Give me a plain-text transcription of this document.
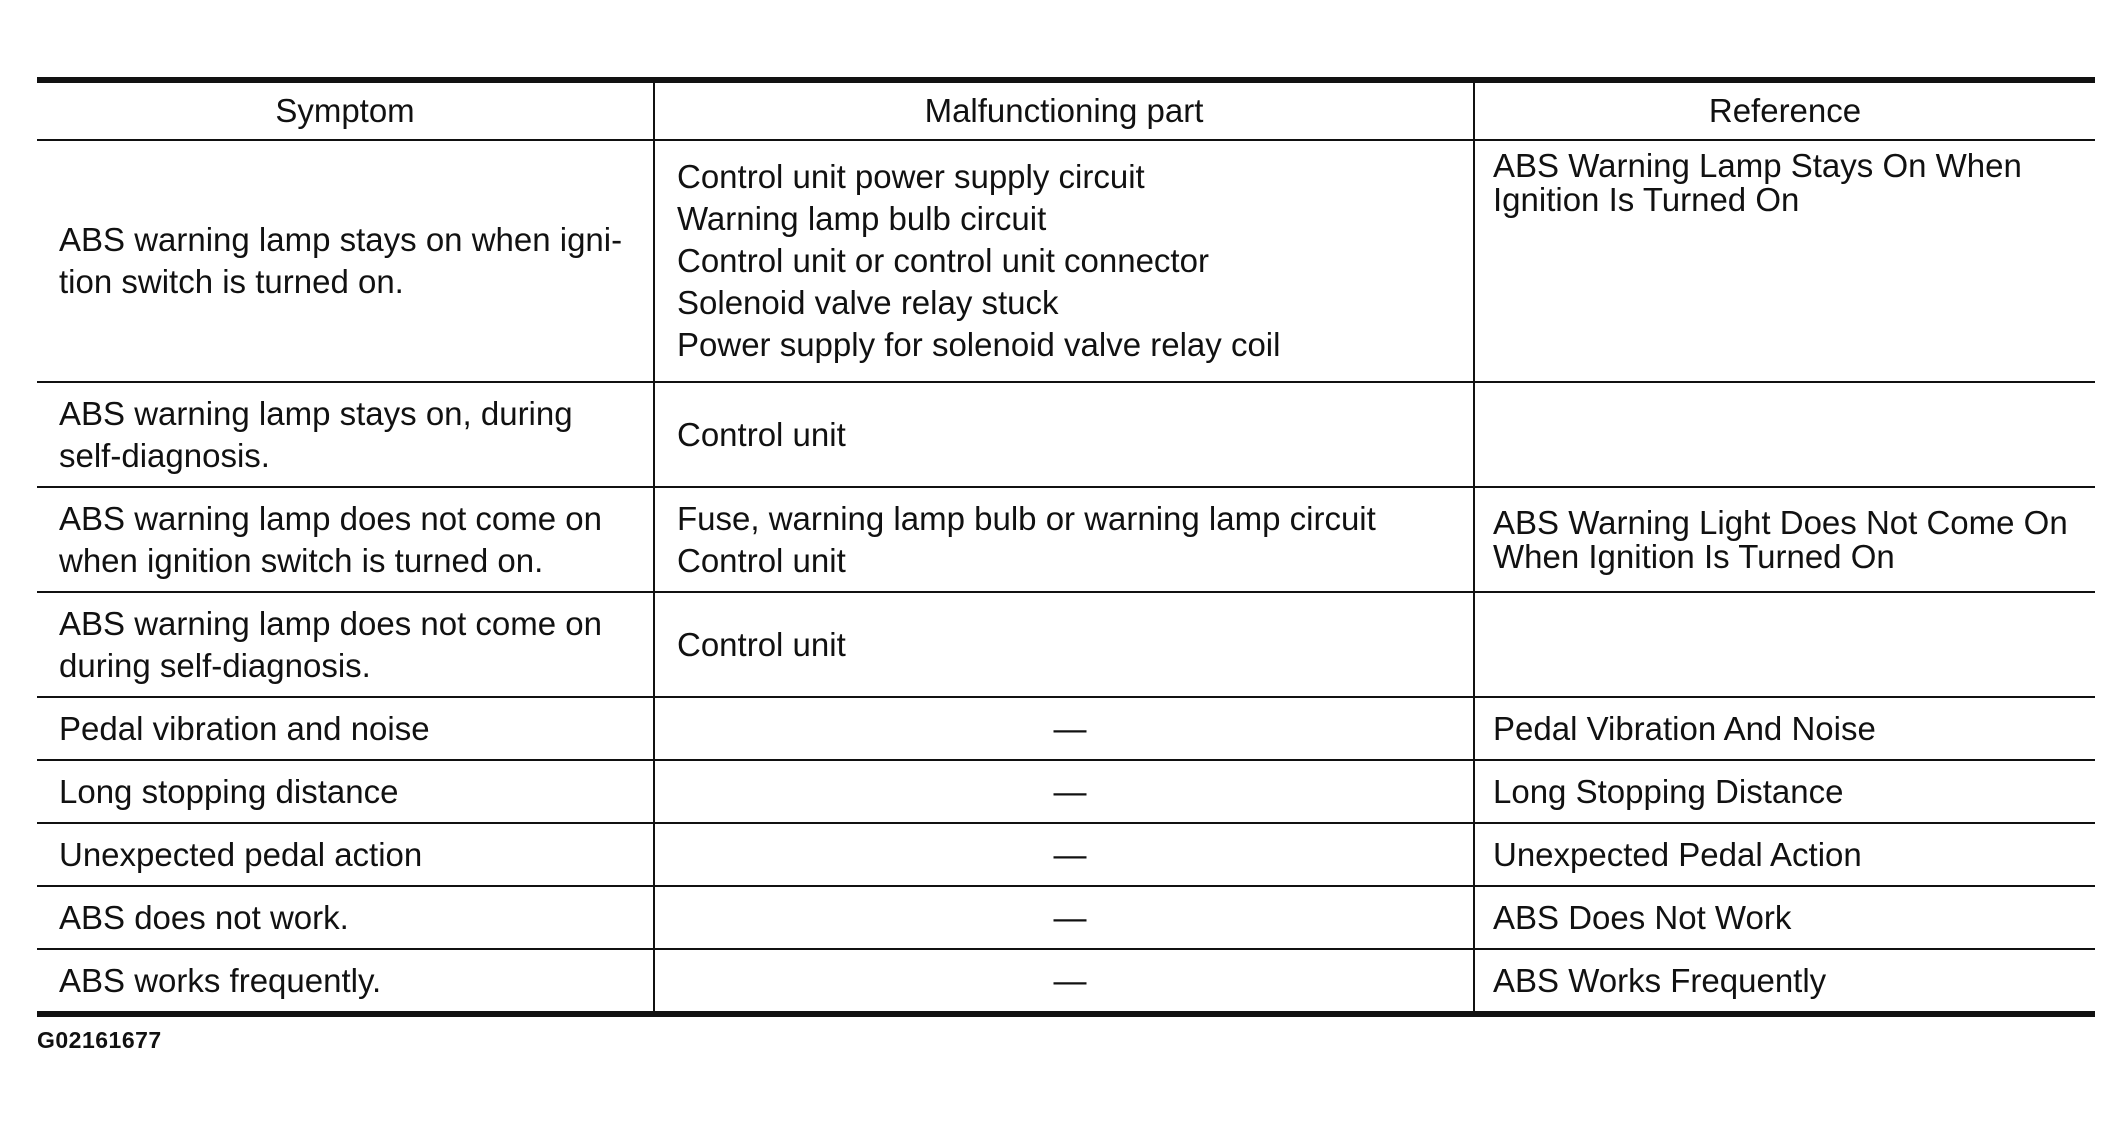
Symptom	Malfunctioning part	Reference

ABS warning lamp stays on when igni-
tion switch is turned on.	Control unit power supply circuit
Warning lamp bulb circuit
Control unit or control unit connector
Solenoid valve relay stuck
Power supply for solenoid valve relay coil	ABS Warning Lamp Stays On When
Ignition Is Turned On

ABS warning lamp stays on, during
self-diagnosis.	Control unit	

ABS warning lamp does not come on
when ignition switch is turned on.	Fuse, warning lamp bulb or warning lamp circuit
Control unit	ABS Warning Light Does Not Come On
When Ignition Is Turned On

ABS warning lamp does not come on
during self-diagnosis.	Control unit	

Pedal vibration and noise	—	Pedal Vibration And Noise
Long stopping distance	—	Long Stopping Distance
Unexpected pedal action	—	Unexpected Pedal Action
ABS does not work.	—	ABS Does Not Work
ABS works frequently.	—	ABS Works Frequently
G02161677
